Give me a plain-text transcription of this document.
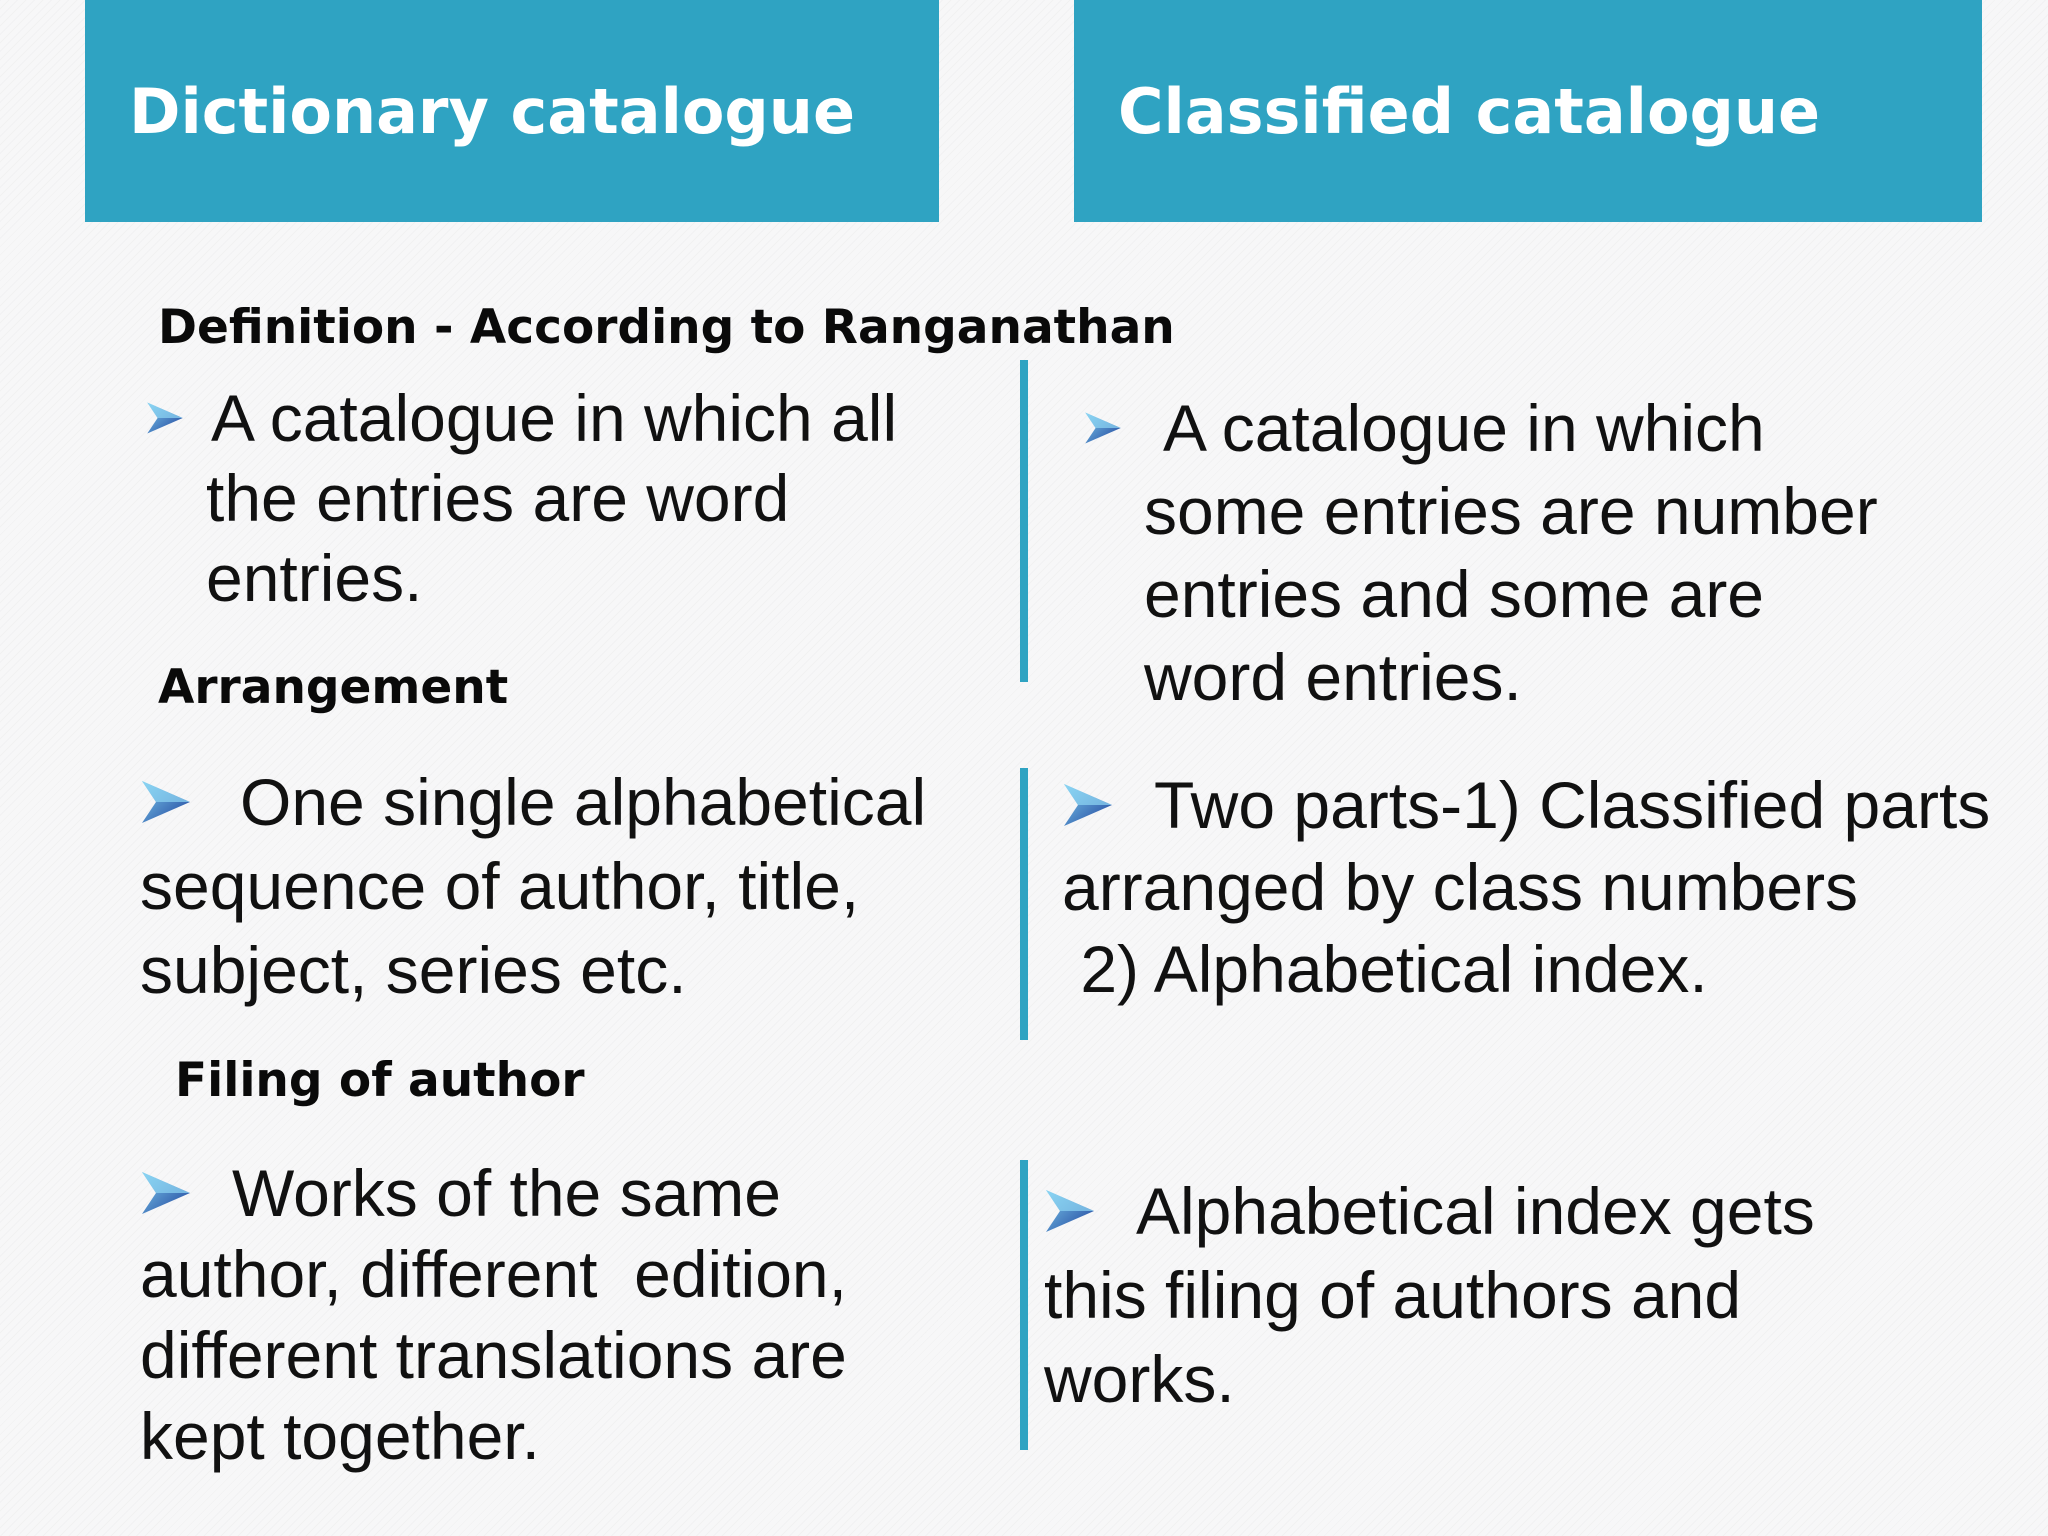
Dictionary catalogue	Classified catalogue
Definition - According to Ranganathan
Arrangement
Filing of author
A catalogue in which all
the entries are word
entries.
A catalogue in which
some entries are number
entries and some are
word entries.
One single alphabetical
sequence of author, title,
subject, series etc.
Two parts-1) Classified parts
arranged by class numbers
2) Alphabetical index.
Works of the same
author, different  edition,
different translations are
kept together.
Alphabetical index gets
this filing of authors and
works.
